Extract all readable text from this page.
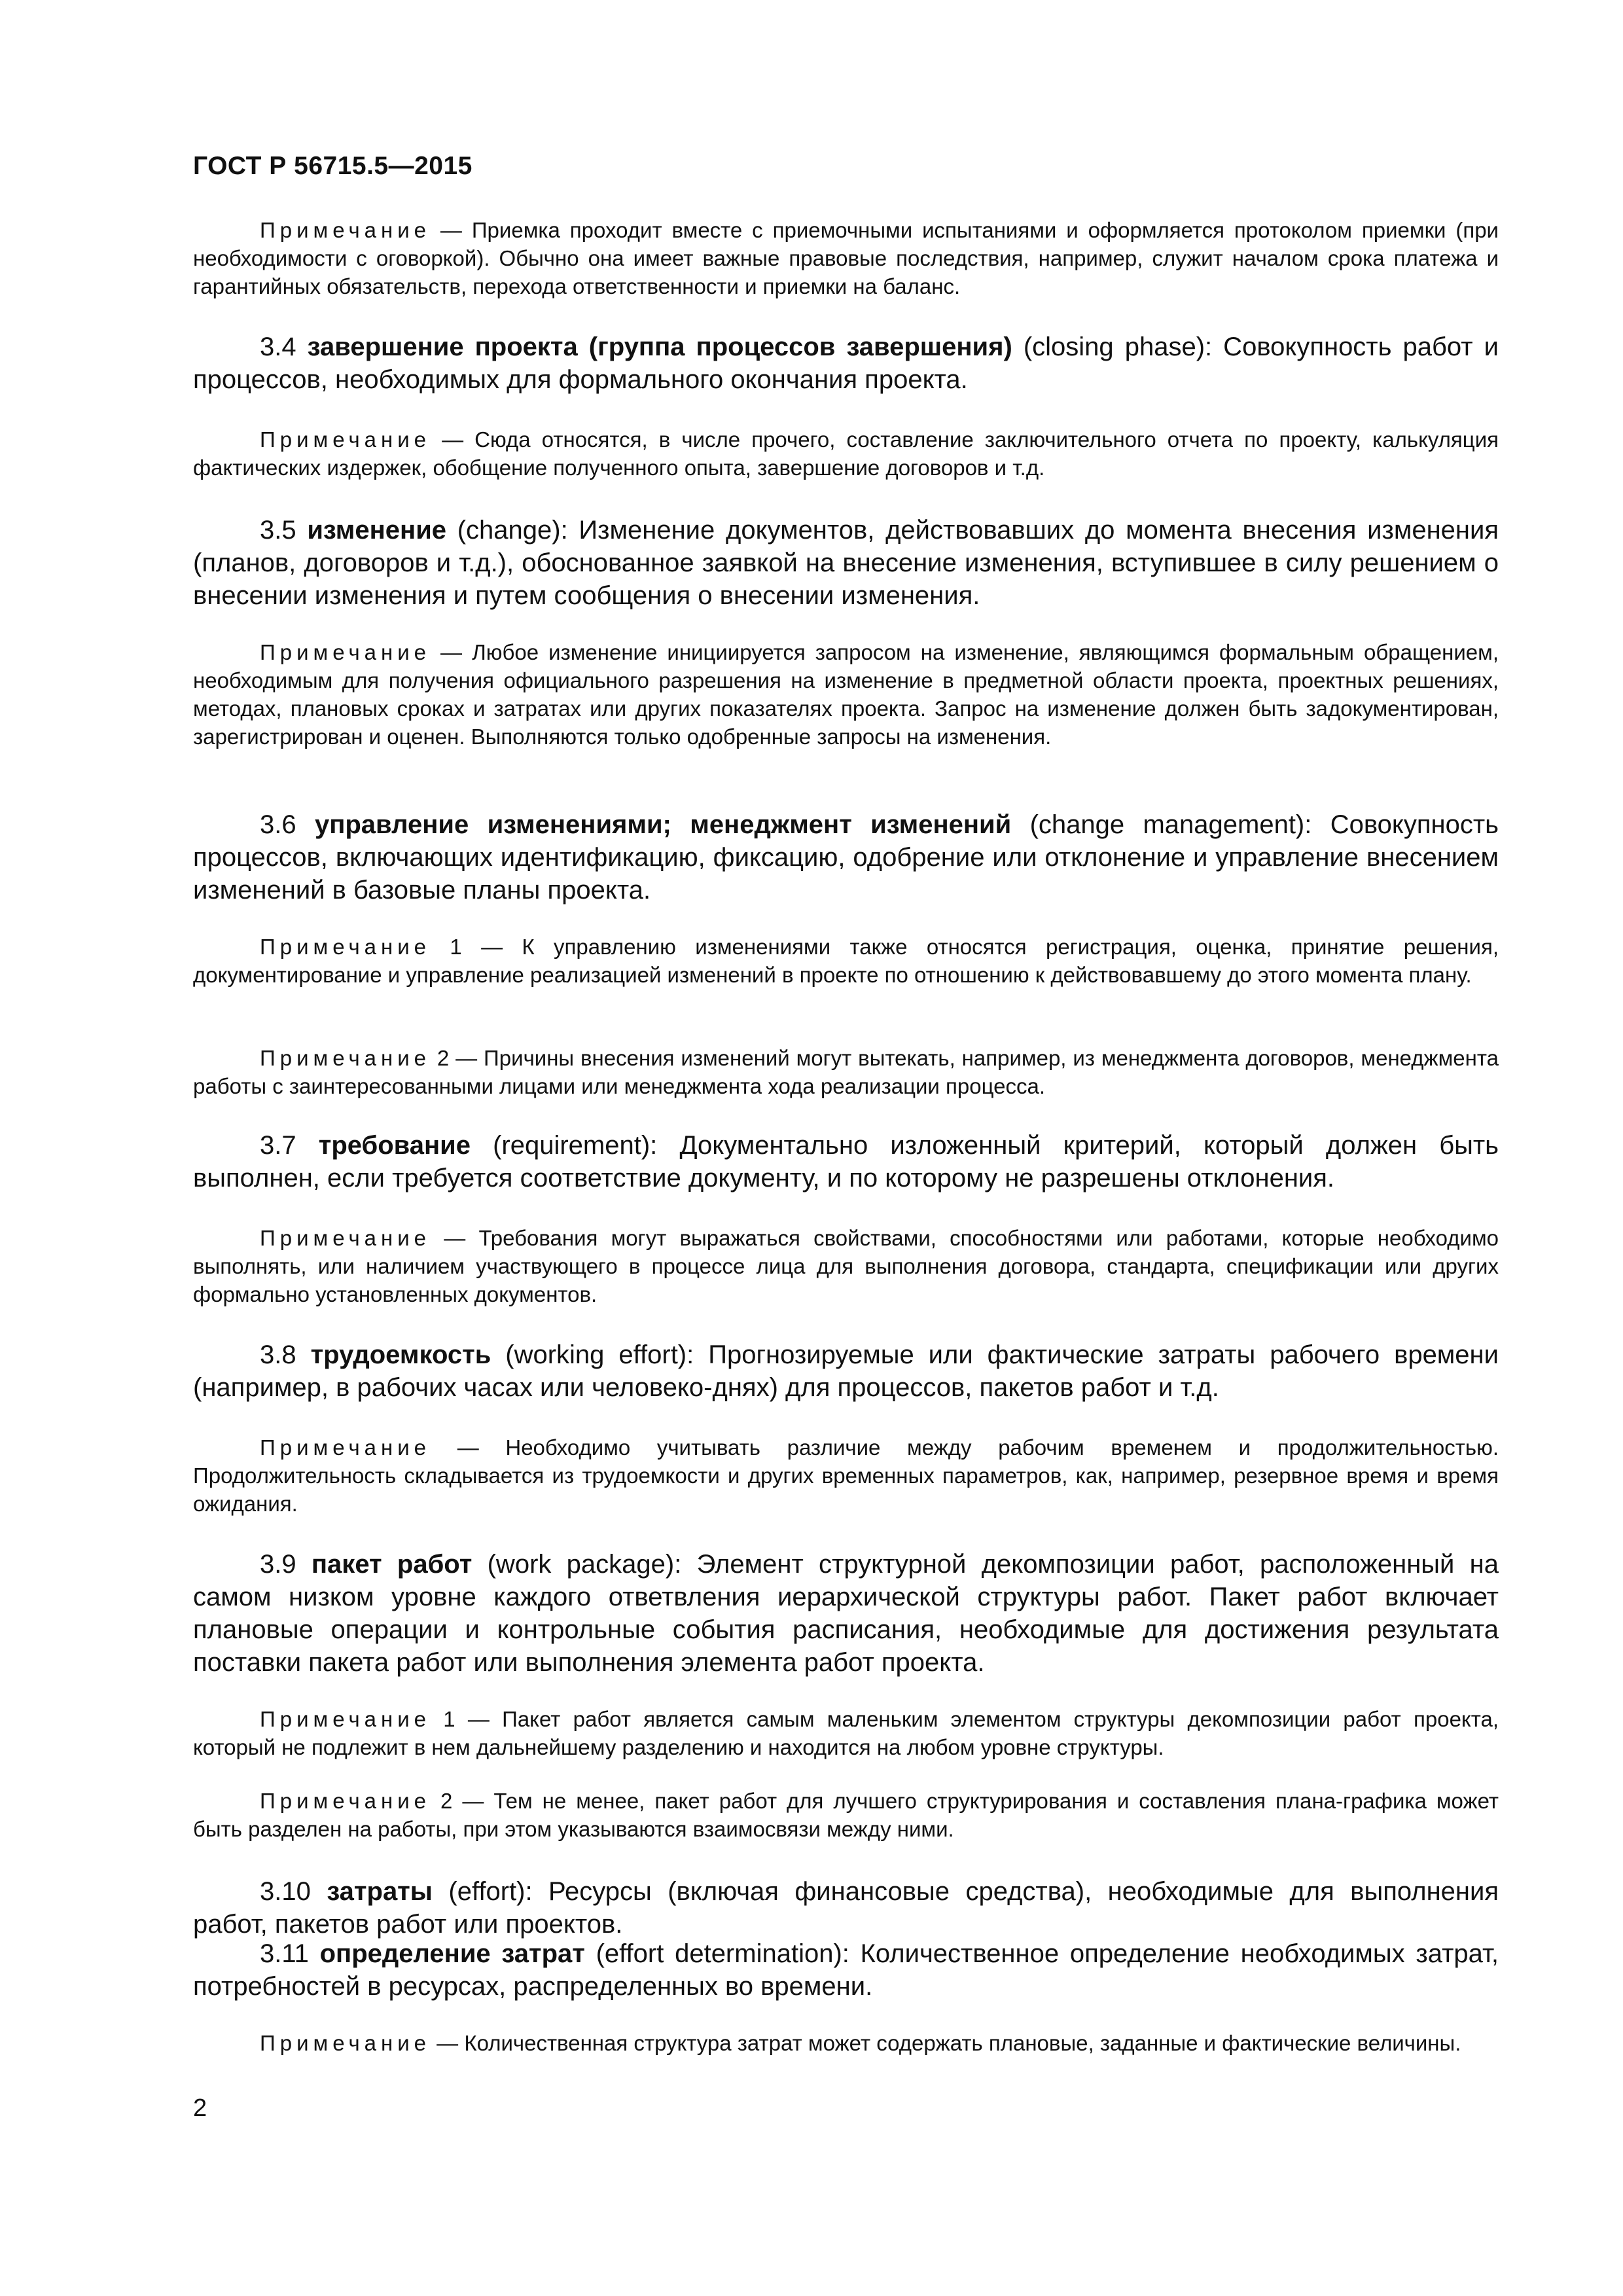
ГОСТ Р 56715.5—2015

Примечание — Приемка проходит вместе с приемочными испытаниями и оформляется протоколом приемки (при необходимости с оговоркой). Обычно она имеет важные правовые последствия, например, служит началом срока платежа и гарантийных обязательств, перехода ответственности и приемки на баланс.

3.4 завершение проекта (группа процессов завершения) (closing phase): Совокупность работ и процессов, необходимых для формального окончания проекта.

Примечание — Сюда относятся, в числе прочего, составление заключительного отчета по проекту, калькуляция фактических издержек, обобщение полученного опыта, завершение договоров и т.д.

3.5 изменение (change): Изменение документов, действовавших до момента внесения изменения (планов, договоров и т.д.), обоснованное заявкой на внесение изменения, вступившее в силу решением о внесении изменения и путем сообщения о внесении изменения.

Примечание — Любое изменение инициируется запросом на изменение, являющимся формальным обращением, необходимым для получения официального разрешения на изменение в предметной области проекта, проектных решениях, методах, плановых сроках и затратах или других показателях проекта. Запрос на изменение должен быть задокументирован, зарегистрирован и оценен. Выполняются только одобренные запросы на изменения.

3.6 управление изменениями; менеджмент изменений (change management): Совокупность процессов, включающих идентификацию, фиксацию, одобрение или отклонение и управление внесением изменений в базовые планы проекта.

Примечание 1 — К управлению изменениями также относятся регистрация, оценка, принятие решения, документирование и управление реализацией изменений в проекте по отношению к действовавшему до этого момента плану.

Примечание 2 — Причины внесения изменений могут вытекать, например, из менеджмента договоров, менеджмента работы с заинтересованными лицами или менеджмента хода реализации процесса.

3.7 требование (requirement): Документально изложенный критерий, который должен быть выполнен, если требуется соответствие документу, и по которому не разрешены отклонения.

Примечание — Требования могут выражаться свойствами, способностями или работами, которые необходимо выполнять, или наличием участвующего в процессе лица для выполнения договора, стандарта, спецификации или других формально установленных документов.

3.8 трудоемкость (working effort): Прогнозируемые или фактические затраты рабочего времени (например, в рабочих часах или человеко-днях) для процессов, пакетов работ и т.д.

Примечание — Необходимо учитывать различие между рабочим временем и продолжительностью. Продолжительность складывается из трудоемкости и других временных параметров, как, например, резервное время и время ожидания.

3.9 пакет работ (work package): Элемент структурной декомпозиции работ, расположенный на самом низком уровне каждого ответвления иерархической структуры работ. Пакет работ включает плановые операции и контрольные события расписания, необходимые для достижения результата поставки пакета работ или выполнения элемента работ проекта.

Примечание 1 — Пакет работ является самым маленьким элементом структуры декомпозиции работ проекта, который не подлежит в нем дальнейшему разделению и находится на любом уровне структуры.

Примечание 2 — Тем не менее, пакет работ для лучшего структурирования и составления плана-графика может быть разделен на работы, при этом указываются взаимосвязи между ними.

3.10 затраты (effort): Ресурсы (включая финансовые средства), необходимые для выполнения работ, пакетов работ или проектов.

3.11 определение затрат (effort determination): Количественное определение необходимых затрат, потребностей в ресурсах, распределенных во времени.

Примечание — Количественная структура затрат может содержать плановые, заданные и фактические величины.

2
